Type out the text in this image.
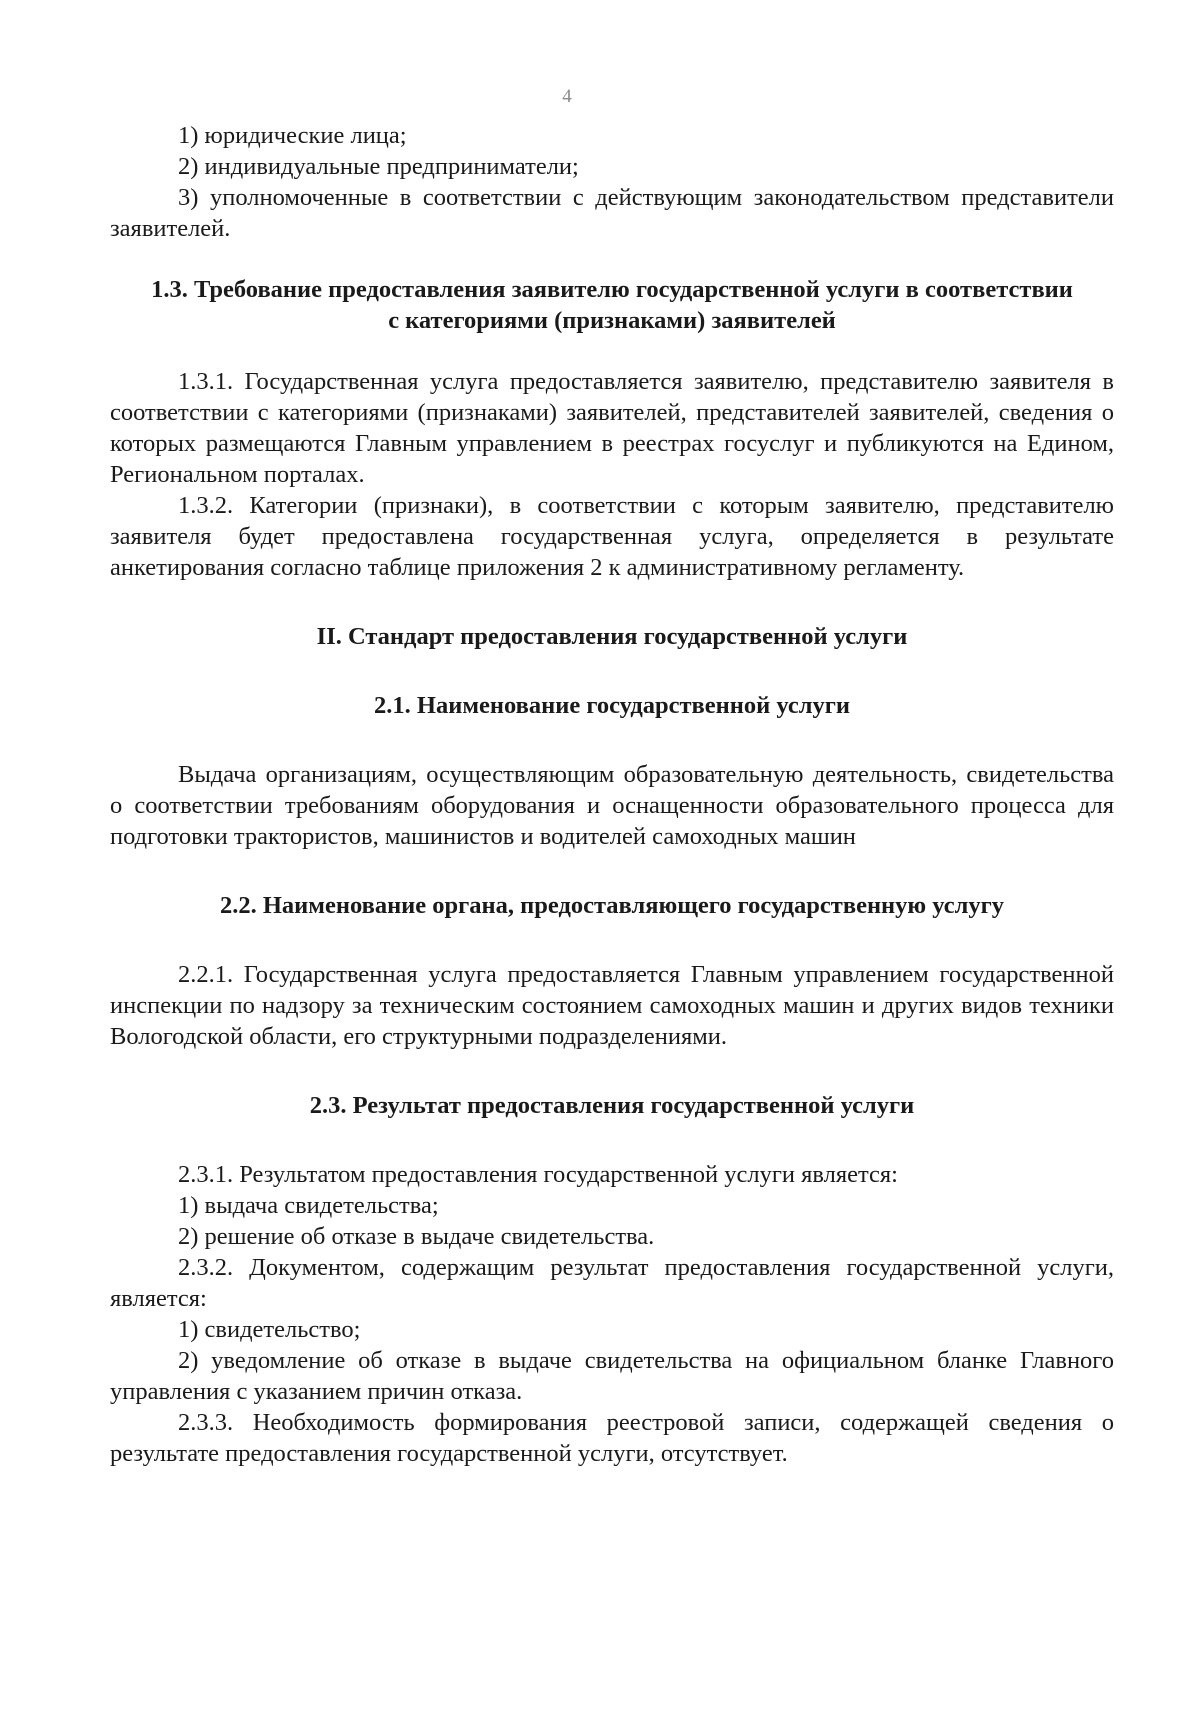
4

1) юридические лица;

2) индивидуальные предприниматели;

3) уполномоченные в соответствии с действующим законодательством представители заявителей.

1.3. Требование предоставления заявителю государственной услуги в соответствии с категориями (признаками) заявителей

1.3.1. Государственная услуга предоставляется заявителю, представителю заявителя в соответствии с категориями (признаками) заявителей, представителей заявителей, сведения о которых размещаются Главным управлением в реестрах госуслуг и публикуются на Едином, Региональном порталах.

1.3.2. Категории (признаки), в соответствии с которым заявителю, представителю заявителя будет предоставлена государственная услуга, определяется в результате анкетирования согласно таблице приложения 2 к административному регламенту.

II. Стандарт предоставления государственной услуги
2.1. Наименование государственной услуги

Выдача организациям, осуществляющим образовательную деятельность, свидетельства о соответствии требованиям оборудования и оснащенности образовательного процесса для подготовки трактористов, машинистов и водителей самоходных машин

2.2. Наименование органа, предоставляющего государственную услугу

2.2.1. Государственная услуга предоставляется Главным управлением государственной инспекции по надзору за техническим состоянием самоходных машин и других видов техники Вологодской области, его структурными подразделениями.

2.3. Результат предоставления государственной услуги

2.3.1. Результатом предоставления государственной услуги является:

1) выдача свидетельства;

2) решение об отказе в выдаче свидетельства.

2.3.2. Документом, содержащим результат предоставления государственной услуги, является:

1) свидетельство;

2) уведомление об отказе в выдаче свидетельства на официальном бланке Главного управления с указанием причин отказа.

2.3.3. Необходимость формирования реестровой записи, содержащей сведения о результате предоставления государственной услуги, отсутствует.
